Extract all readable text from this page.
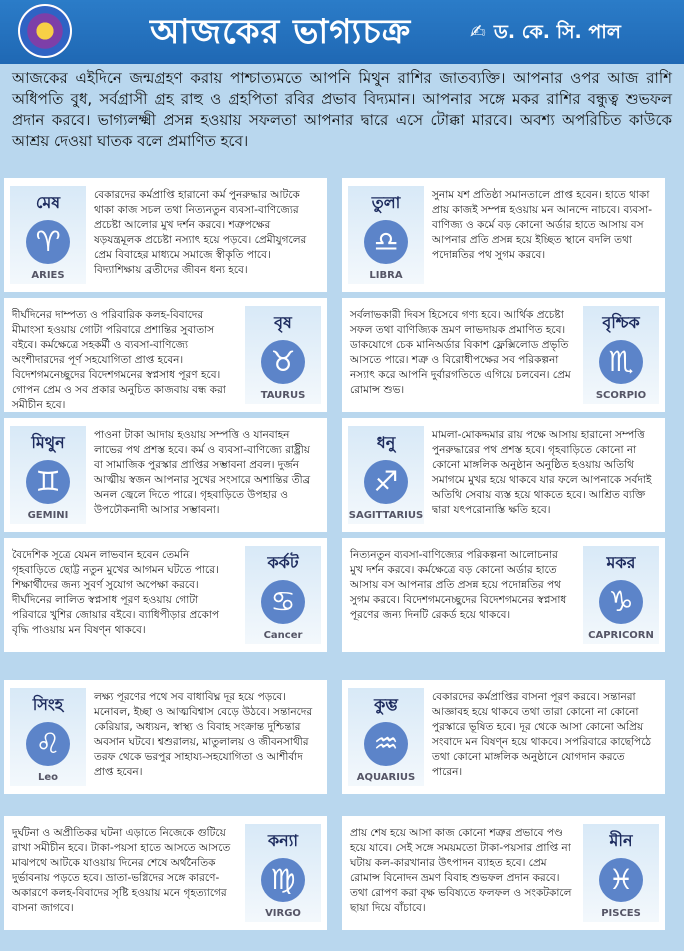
আজকের ভাগ্যচক্র	✍ ড. কে. সি. পাল
আজকের এইদিনে জন্মগ্রহণ করায় পাশ্চাত্যমতে আপনি মিথুন রাশির জাতব্যক্তি। আপনার ওপর আজ রাশি অধিপতি বুধ, সর্বগ্রাসী গ্রহ রাহু ও গ্রহপিতা রবির প্রভাব বিদ্যমান। আপনার সঙ্গে মকর রাশির বন্ধুত্ব শুভফল প্রদান করবে। ভাগ্যলক্ষ্মী প্রসন্ন হওয়ায় সফলতা আপনার দ্বারে এসে টোক্কা মারবে। অবশ্য অপরিচিত কাউকে আশ্রয় দেওয়া ঘাতক বলে প্রমাণিত হবে।
মেষ
♈
ARIES
বেকারদের কর্মপ্রাপ্তি হারানো কর্ম পুনরুদ্ধার আটকে থাকা কাজ সচল তথা নিত্যনতুন ব্যবসা-বাণিজ্যের প্রচেষ্টা আলোর মুখ দর্শন করবে। শত্রুপক্ষের ষড়যন্ত্রমূলক প্রচেষ্টা নস্যাৎ হয়ে পড়বে। প্রেমীযুগলের প্রেম বিবাহের মাধ্যমে সমাজে স্বীকৃতি পাবে। বিদ্যাশিক্ষায় ব্রতীদের জীবন ধন্য হবে।
তুলা
♎
LIBRA
সুনাম যশ প্রতিষ্ঠা সমানতালে প্রাপ্ত হবেন। হাতে থাকা প্রায় কাজই সম্পন্ন হওয়ায় মন আনন্দে নাচবে। ব্যবসা-বাণিজ্য ও কর্মে বড় কোনো অর্ডার হাতে আসায় বস আপনার প্রতি প্রসন্ন হয়ে ইচ্ছিত স্থানে বদলি তথা পদোন্নতির পথ সুগম করবে।
দীর্ঘদিনের দাম্পত্য ও পরিবারিক কলহ-বিবাদের মীমাংসা হওয়ায় গোটা পরিবারে প্রশান্তির সুবাতাস বইবে। কর্মক্ষেত্রে সহকর্মী ও ব্যবসা-বাণিজ্যে অংশীদারদের পূর্ণ সহযোগিতা প্রাপ্ত হবেন। বিদেশগমনেচ্ছুদের বিদেশগমনের স্বপ্নসাধ পূরণ হবে। গোপন প্রেম ও সব প্রকার অনুচিত কাজবায় বন্ধ করা সমীচীন হবে।
বৃষ
♉
TAURUS
সর্বলাভকারী দিবস হিসেবে গণ্য হবে। আর্থিক প্রচেষ্টা সফল তথা বাণিজ্যিক ভ্রমণ লাভদায়ক প্রমাণিত হবে। ডাকযোগে চেক মানিঅর্ডার বিকাশ ফ্লেক্সিলোড প্রভৃতি আসতে পারে। শত্রু ও বিরোধীপক্ষের সব পরিকল্পনা নস্যাৎ করে আপনি দুর্বারগতিতে এগিয়ে চলবেন। প্রেম রোমান্স শুভ।
বৃশ্চিক
♏
SCORPIO
মিথুন
♊
GEMINI
পাওনা টাকা আদায় হওয়ায় সম্পত্তি ও যানবাহন লাভের পথ প্রশস্ত হবে। কর্ম ও ব্যবসা-বাণিজ্যে রাষ্ট্রীয় বা সামাজিক পুরস্কার প্রাপ্তির সম্ভাবনা প্রবল। দুর্জন আত্মীয় স্বজন আপনার সুখের সংসারে অশান্তির তীব্র অনল জ্বেলে দিতে পারে। গৃহবাড়িতে উপহার ও উপঢৌকনাদী আসার সম্ভাবনা।
ধনু
♐
SAGITTARIUS
মামলা-মোকদ্দমার রায় পক্ষে আসায় হারানো সম্পত্তি পুনরুদ্ধারের পথ প্রশস্ত হবে। গৃহবাড়িতে কোনো না কোনো মাঙ্গলিক অনুষ্ঠান অনুষ্ঠিত হওয়ায় অতিথি সমাগমে মুখর হয়ে থাকবে যার ফলে আপনাকে সর্বদাই অতিথি সেবায় ব্যস্ত হয়ে থাকতে হবে। আশ্রিত ব্যক্তি দ্বারা যৎপরোনাস্তি ক্ষতি হবে।
বৈদেশিক সূত্রে যেমন লাভবান হবেন তেমনি গৃহবাড়িতে ছোট্ট নতুন মুখের আগমন ঘটতে পারে। শিক্ষার্থীদের জন্য সুবর্ণ সুযোগ অপেক্ষা করবে। দীর্ঘদিনের লালিত স্বপ্নসাধ পূরণ হওয়ায় গোটা পরিবারে খুশির জোয়ার বইবে। ব্যাধিপীড়ার প্রকোপ বৃদ্ধি পাওয়ায় মন বিষণ্ন থাকবে।
কর্কট
♋
Cancer
নিত্যনতুন ব্যবসা-বাণিজ্যের পরিকল্পনা আলোচনার মুখ দর্শন করবে। কর্মক্ষেত্রে বড় কোনো অর্ডার হাতে আসায় বস আপনার প্রতি প্রসন্ন হয়ে পদোন্নতির পথ সুগম করবে। বিদেশগমনেচ্ছুদের বিদেশগমনের স্বপ্নসাধ পূরণের জন্য দিনটি রেকর্ড হয়ে থাকবে।
মকর
♑
CAPRICORN
সিংহ
♌
Leo
লক্ষ্য পূরণের পথে সব বাধাবিঘ্ন দূর হয়ে পড়বে। মনোবল, ইচ্ছা ও আত্মবিশ্বাস বেড়ে উঠবে। সন্তানদের কেরিয়ার, অধ্যয়ন, স্বাস্থ্য ও বিবাহ সংক্রান্ত দুশ্চিন্তার অবসান ঘটবে। শ্বশুরালয়, মাতুলালয় ও জীবনসাথীর তরফ থেকে ভরপুর সাহায্য-সহযোগিতা ও আশীর্বাদ প্রাপ্ত হবেন।
কুম্ভ
♒
AQUARIUS
বেকারদের কর্মপ্রাপ্তির বাসনা পূরণ করবে। সন্তানরা আজ্ঞাবহ হয়ে থাকবে তথা তারা কোনো না কোনো পুরস্কারে ভূষিত হবে। দূর থেকে আসা কোনো অপ্রিয় সংবাদে মন বিষণ্ন হয়ে থাকবে। সপরিবারে কাছেপিঠে তথা কোনো মাঙ্গলিক অনুষ্ঠানে যোগদান করতে পারেন।
দুর্ঘটনা ও অপ্রীতিকর ঘটনা এড়াতে নিজেকে গুটিয়ে রাখা সমীচীন হবে। টাকা-পয়সা হাতে আসতে আসতে মাঝপথে আটকে যাওয়ায় দিনের শেষে অর্থনৈতিক দুর্ভাবনায় পড়তে হবে। ভ্রাতা-ভগ্নিদের সঙ্গে কারণে-অকারণে কলহ-বিবাদের সৃষ্টি হওয়ায় মনে গৃহত্যাগের বাসনা জাগবে।
কন্যা
♍
VIRGO
প্রায় শেষ হয়ে আসা কাজ কোনো শত্রুর প্রভাবে পণ্ড হয়ে যাবে। সেই সঙ্গে সময়মতো টাকা-পয়সার প্রাপ্তি না ঘটায় কল-কারখানার উৎপাদন ব্যাহত হবে। প্রেম রোমান্স বিনোদন ভ্রমণ বিবাহ শুভফল প্রদান করবে। তথা রোপণ করা বৃক্ষ ভবিষ্যতে ফলফল ও সংকটকালে ছায়া দিয়ে বাঁচাবে।
মীন
♓
PISCES
